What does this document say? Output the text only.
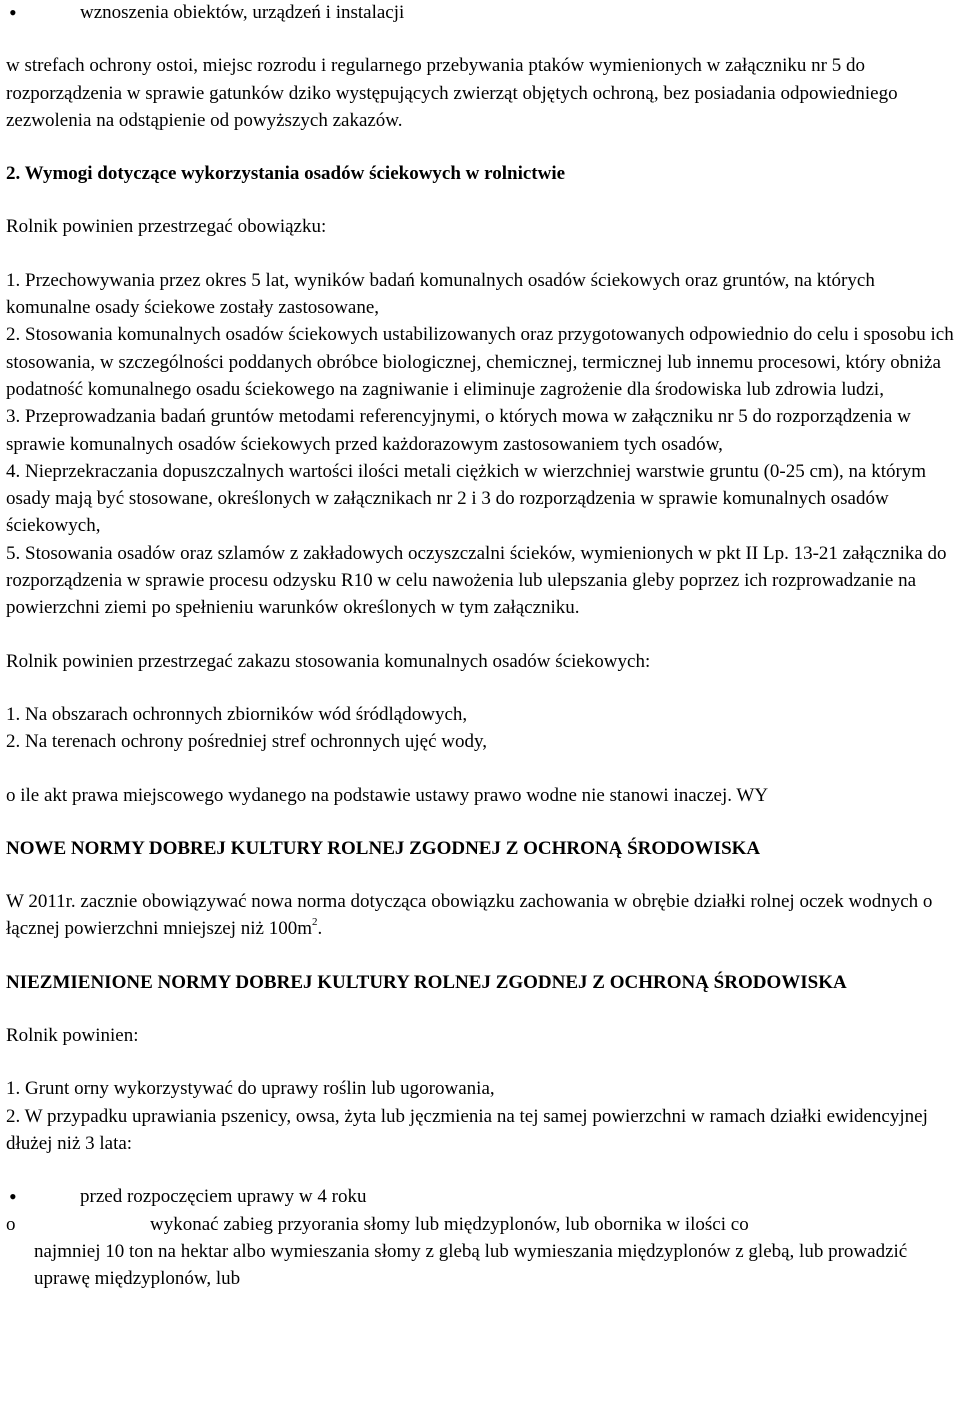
• wznoszenia obiektów, urządzeń i instalacji

w strefach ochrony ostoi, miejsc rozrodu i regularnego przebywania ptaków wymienionych w załączniku nr 5 do rozporządzenia w sprawie gatunków dziko występujących zwierząt objętych ochroną, bez posiadania odpowiedniego zezwolenia na odstąpienie od powyższych zakazów.

2. Wymogi dotyczące wykorzystania osadów ściekowych w rolnictwie

Rolnik powinien przestrzegać obowiązku:

1. Przechowywania przez okres 5 lat, wyników badań komunalnych osadów ściekowych oraz gruntów, na których komunalne osady ściekowe zostały zastosowane,

2. Stosowania komunalnych osadów ściekowych ustabilizowanych oraz przygotowanych odpowiednio do celu i sposobu ich stosowania, w szczególności poddanych obróbce biologicznej, chemicznej, termicznej lub innemu procesowi, który obniża podatność komunalnego osadu ściekowego na zagniwanie i eliminuje zagrożenie dla środowiska lub zdrowia ludzi,

3. Przeprowadzania badań gruntów metodami referencyjnymi, o których mowa w załączniku nr 5 do rozporządzenia w sprawie komunalnych osadów ściekowych przed każdorazowym zastosowaniem tych osadów,

4. Nieprzekraczania dopuszczalnych wartości ilości metali ciężkich w wierzchniej warstwie gruntu (0-25 cm), na którym osady mają być stosowane, określonych w załącznikach nr 2 i 3 do rozporządzenia w sprawie komunalnych osadów ściekowych,

5. Stosowania osadów oraz szlamów z zakładowych oczyszczalni ścieków, wymienionych w pkt II Lp. 13-21 załącznika do rozporządzenia w sprawie procesu odzysku R10 w celu nawożenia lub ulepszania gleby poprzez ich rozprowadzanie na powierzchni ziemi po spełnieniu warunków określonych w tym załączniku.

Rolnik powinien przestrzegać zakazu stosowania komunalnych osadów ściekowych:

1. Na obszarach ochronnych zbiorników wód śródlądowych,

2. Na terenach ochrony pośredniej stref ochronnych ujęć wody,

o ile akt prawa miejscowego wydanego na podstawie ustawy prawo wodne nie stanowi inaczej. WY

NOWE NORMY DOBREJ KULTURY ROLNEJ ZGODNEJ Z OCHRONĄ ŚRODOWISKA

W 2011r. zacznie obowiązywać nowa norma dotycząca obowiązku zachowania w obrębie działki rolnej oczek wodnych o łącznej powierzchni mniejszej niż $100m^2$.

NIEZMIENIONE NORMY DOBREJ KULTURY ROLNEJ ZGODNEJ Z OCHRONĄ ŚRODOWISKA

Rolnik powinien:

1. Grunt orny wykorzystywać do uprawy roślin lub ugorowania,

2. W przypadku uprawiania pszenicy, owsa, żyta lub jęczmienia na tej samej powierzchni w ramach działki ewidencyjnej dłużej niż 3 lata:

• przed rozpoczęciem uprawy w 4 roku

o	wykonać zabieg przyorania słomy lub międzyplonów, lub obornika w ilości co
najmniej 10 ton na hektar albo wymieszania słomy z glebą lub wymieszania międzyplonów z glebą, lub prowadzić uprawę międzyplonów, lub
